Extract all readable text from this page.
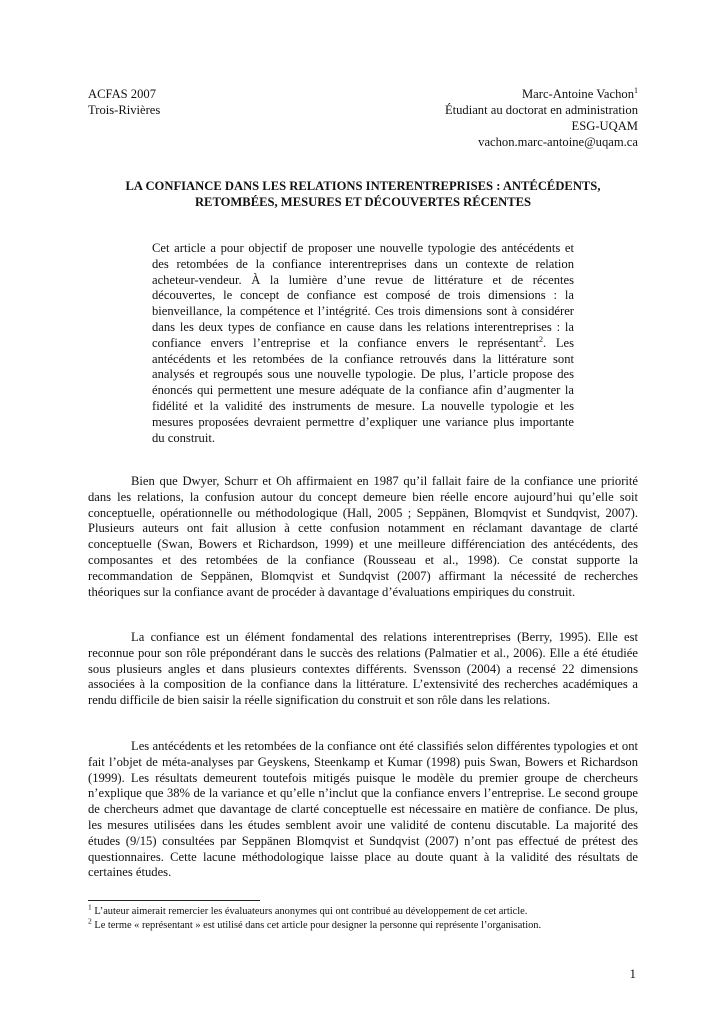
ACFAS 2007
Trois-Rivières
Marc-Antoine Vachon$^1$
Étudiant au doctorat en administration
ESG-UQAM
vachon.marc-antoine@uqam.ca
LA CONFIANCE DANS LES RELATIONS INTERENTREPRISES : ANTÉCÉDENTS,
RETOMBÉES, MESURES ET DÉCOUVERTES RÉCENTES
Cet article a pour objectif de proposer une nouvelle typologie des antécédents et des retombées de la confiance interentreprises dans un contexte de relation acheteur-vendeur. À la lumière d’une revue de littérature et de récentes découvertes, le concept de confiance est composé de trois dimensions : la bienveillance, la compétence et l’intégrité. Ces trois dimensions sont à considérer dans les deux types de confiance en cause dans les relations interentreprises : la confiance envers l’entreprise et la confiance envers le représentant$^2$. Les antécédents et les retombées de la confiance retrouvés dans la littérature sont analysés et regroupés sous une nouvelle typologie. De plus, l’article propose des énoncés qui permettent une mesure adéquate de la confiance afin d’augmenter la fidélité et la validité des instruments de mesure. La nouvelle typologie et les mesures proposées devraient permettre d’expliquer une variance plus importante du construit.

Bien que Dwyer, Schurr et Oh affirmaient en 1987 qu’il fallait faire de la confiance une priorité dans les relations, la confusion autour du concept demeure bien réelle encore aujourd’hui qu’elle soit conceptuelle, opérationnelle ou méthodologique (Hall, 2005 ; Seppänen, Blomqvist et Sundqvist, 2007). Plusieurs auteurs ont fait allusion à cette confusion notamment en réclamant davantage de clarté conceptuelle (Swan, Bowers et Richardson, 1999) et une meilleure différenciation des antécédents, des composantes et des retombées de la confiance (Rousseau et al., 1998). Ce constat supporte la recommandation de Seppänen, Blomqvist et Sundqvist (2007) affirmant la nécessité de recherches théoriques sur la confiance avant de procéder à davantage d’évaluations empiriques du construit.

La confiance est un élément fondamental des relations interentreprises (Berry, 1995). Elle est reconnue pour son rôle prépondérant dans le succès des relations (Palmatier et al., 2006). Elle a été étudiée sous plusieurs angles et dans plusieurs contextes différents. Svensson (2004) a recensé 22 dimensions associées à la composition de la confiance dans la littérature. L’extensivité des recherches académiques a rendu difficile de bien saisir la réelle signification du construit et son rôle dans les relations.

Les antécédents et les retombées de la confiance ont été classifiés selon différentes typologies et ont fait l’objet de méta-analyses par Geyskens, Steenkamp et Kumar (1998) puis Swan, Bowers et Richardson (1999). Les résultats demeurent toutefois mitigés puisque le modèle du premier groupe de chercheurs n’explique que 38% de la variance et qu’elle n’inclut que la confiance envers l’entreprise. Le second groupe de chercheurs admet que davantage de clarté conceptuelle est nécessaire en matière de confiance. De plus, les mesures utilisées dans les études semblent avoir une validité de contenu discutable. La majorité des études (9/15) consultées par Seppänen Blomqvist et Sundqvist (2007) n’ont pas effectué de prétest des questionnaires. Cette lacune méthodologique laisse place au doute quant à la validité des résultats de certaines études.

$^1$ L’auteur aimerait remercier les évaluateurs anonymes qui ont contribué au développement de cet article.
$^2$ Le terme « représentant » est utilisé dans cet article pour designer la personne qui représente l’organisation.
1
